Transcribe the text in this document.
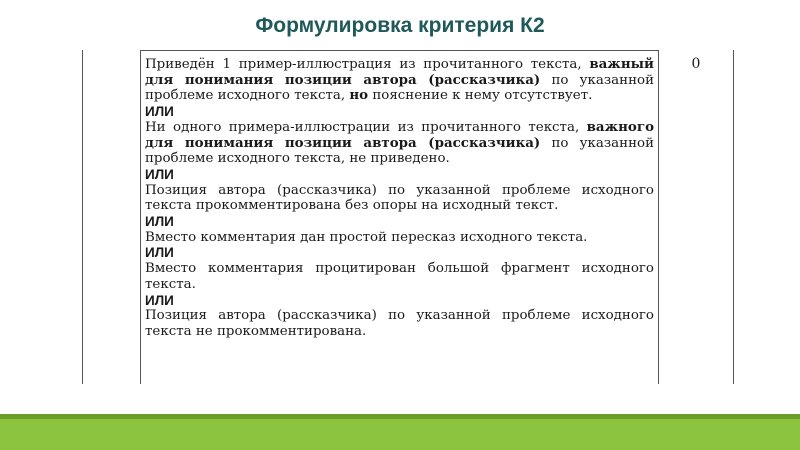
Формулировка критерия К2

Приведён 1 пример-иллюстрация из прочитанного текста, важный для понимания позиции автора (рассказчика) по указанной проблеме исходного текста, но пояснение к нему отсутствует.

ИЛИ

Ни одного примера-иллюстрации из прочитанного текста, важного для понимания позиции автора (рассказчика) по указанной проблеме исходного текста, не приведено.

ИЛИ

Позиция автора (рассказчика) по указанной проблеме исходного текста прокомментирована без опоры на исходный текст.

ИЛИ

Вместо комментария дан простой пересказ исходного текста.

ИЛИ

Вместо комментария процитирован большой фрагмент исходного текста.

ИЛИ

Позиция автора (рассказчика) по указанной проблеме исходного текста не прокомментирована.

0
